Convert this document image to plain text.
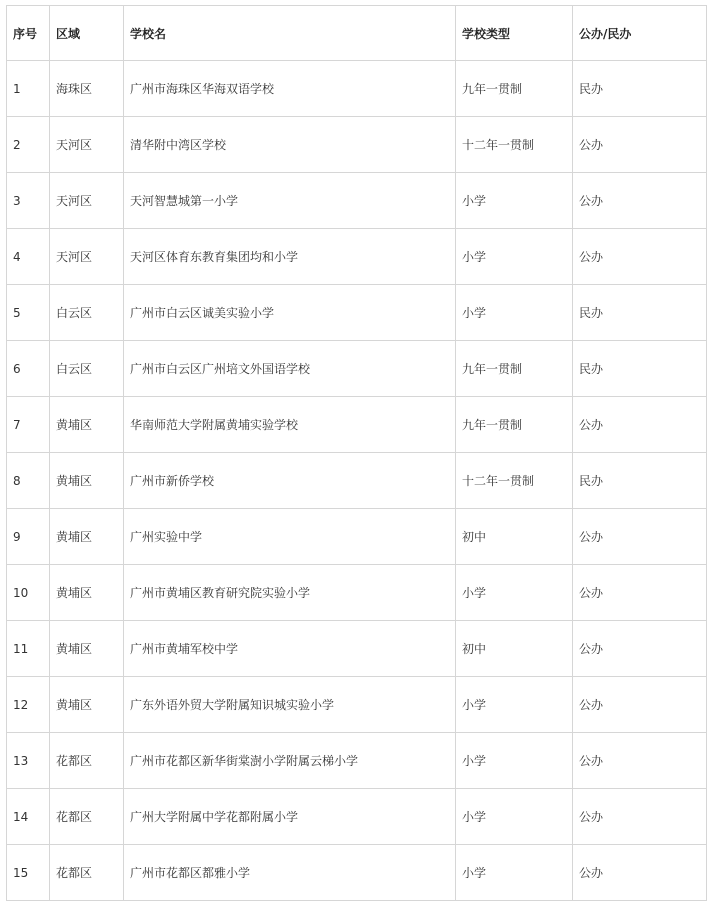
序号	区域	学校名	学校类型	公办/民办
1	海珠区	广州市海珠区华海双语学校	九年一贯制	民办
2	天河区	清华附中湾区学校	十二年一贯制	公办
3	天河区	天河智慧城第一小学	小学	公办
4	天河区	天河区体育东教育集团均和小学	小学	公办
5	白云区	广州市白云区诚美实验小学	小学	民办
6	白云区	广州市白云区广州培文外国语学校	九年一贯制	民办
7	黄埔区	华南师范大学附属黄埔实验学校	九年一贯制	公办
8	黄埔区	广州市新侨学校	十二年一贯制	民办
9	黄埔区	广州实验中学	初中	公办
10	黄埔区	广州市黄埔区教育研究院实验小学	小学	公办
11	黄埔区	广州市黄埔军校中学	初中	公办
12	黄埔区	广东外语外贸大学附属知识城实验小学	小学	公办
13	花都区	广州市花都区新华街棠澍小学附属云梯小学	小学	公办
14	花都区	广州大学附属中学花都附属小学	小学	公办
15	花都区	广州市花都区都雅小学	小学	公办
